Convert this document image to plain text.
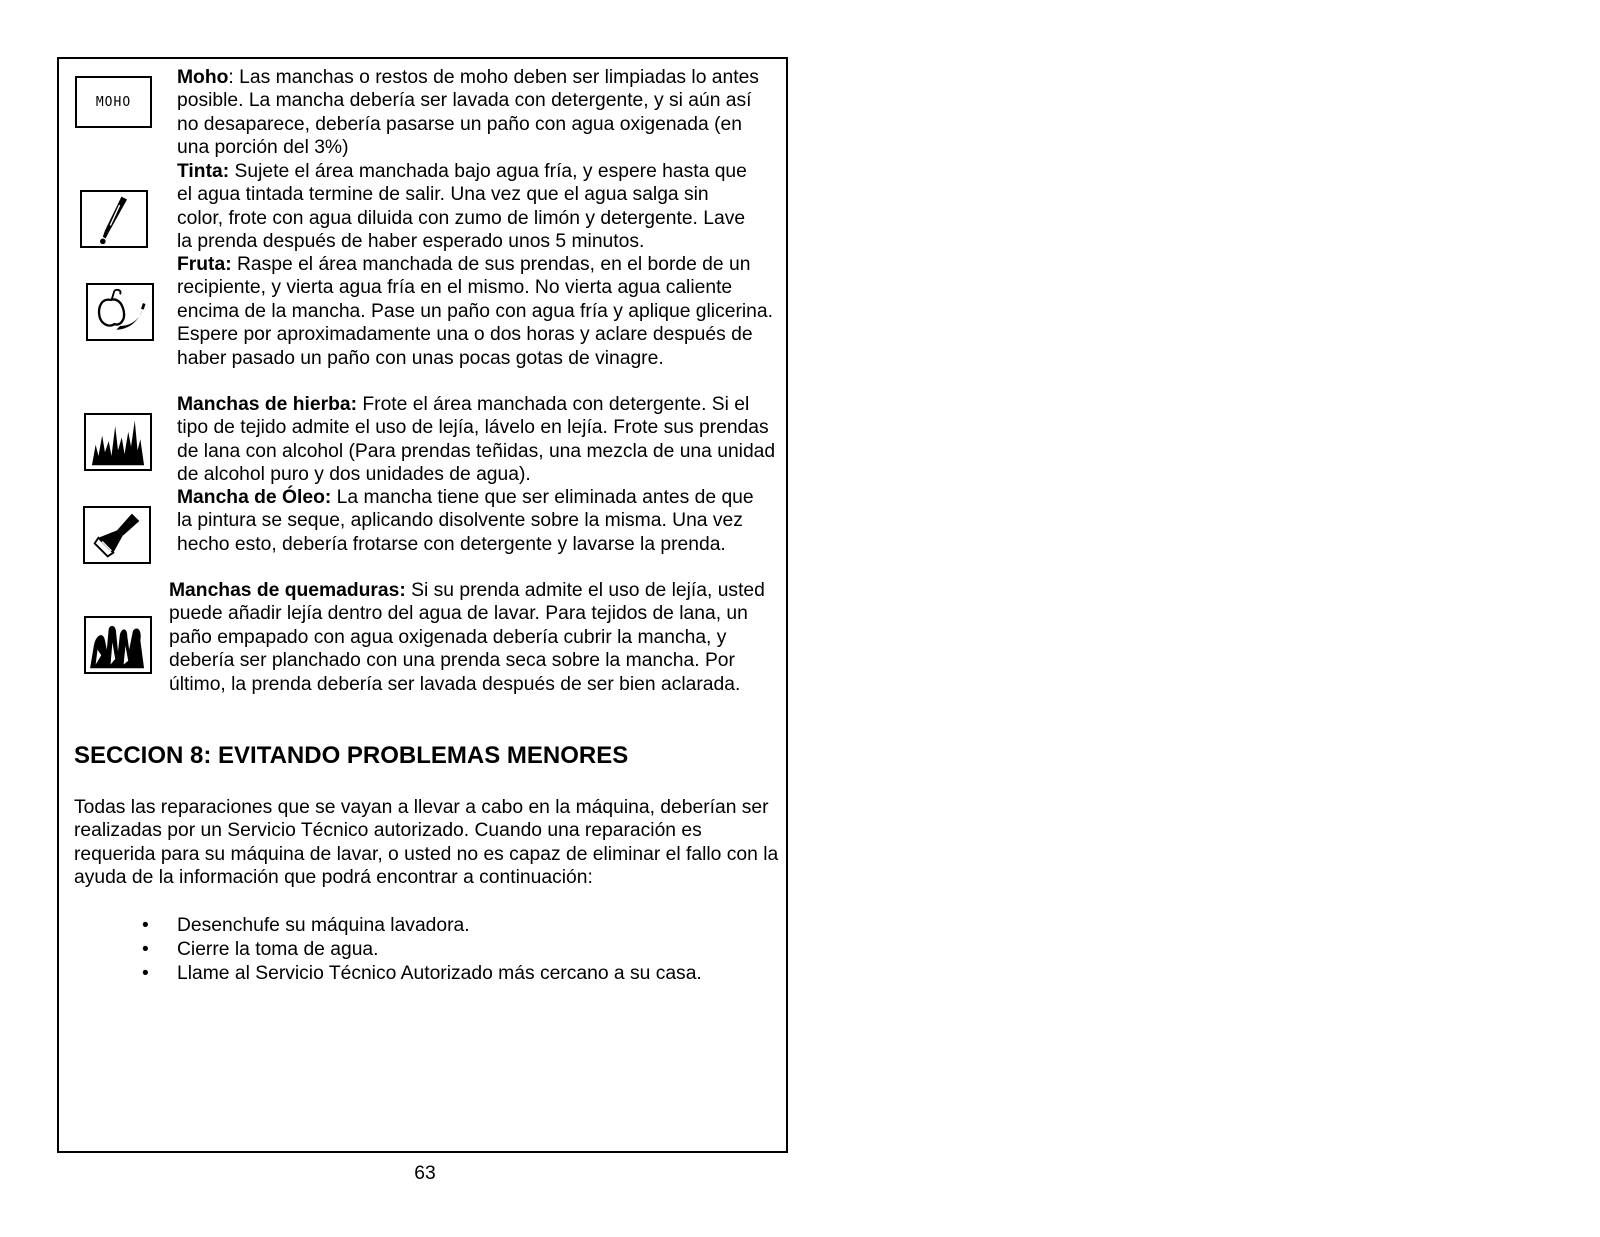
MOHO

Moho: Las manchas o restos de moho deben ser limpiadas lo antes posible. La mancha debería ser lavada con detergente, y si aún así no desaparece, debería pasarse un paño con agua oxigenada (en una porción del 3%)

Tinta: Sujete el área manchada bajo agua fría, y espere hasta que el agua tintada termine de salir. Una vez que el agua salga sin color, frote con agua diluida con zumo de limón y detergente. Lave la prenda después de haber esperado unos 5 minutos.

Fruta: Raspe el área manchada de sus prendas, en el borde de un recipiente, y vierta agua fría en el mismo. No vierta agua caliente encima de la mancha. Pase un paño con agua fría y aplique glicerina. Espere por aproximadamente una o dos horas y aclare después de haber pasado un paño con unas pocas gotas de vinagre.

Manchas de hierba: Frote el área manchada con detergente. Si el tipo de tejido admite el uso de lejía, lávelo en lejía. Frote sus prendas de lana con alcohol (Para prendas teñidas, una mezcla de una unidad de alcohol puro y dos unidades de agua).

Mancha de Óleo: La mancha tiene que ser eliminada antes de que la pintura se seque, aplicando disolvente sobre la misma. Una vez hecho esto, debería frotarse con detergente y lavarse la prenda.

Manchas de quemaduras: Si su prenda admite el uso de lejía, usted puede añadir lejía dentro del agua de lavar. Para tejidos de lana, un paño empapado con agua oxigenada debería cubrir la mancha, y debería ser planchado con una prenda seca sobre la mancha. Por último, la prenda debería ser lavada después de ser bien aclarada.

SECCION 8: EVITANDO PROBLEMAS MENORES

Todas las reparaciones que se vayan a llevar a cabo en la máquina, deberían ser realizadas por un Servicio Técnico autorizado. Cuando una reparación es requerida para su máquina de lavar, o usted no es capaz de eliminar el fallo con la ayuda de la información que podrá encontrar a continuación:

• Desenchufe su máquina lavadora.
• Cierre la toma de agua.
• Llame al Servicio Técnico Autorizado más cercano a su casa.
63
